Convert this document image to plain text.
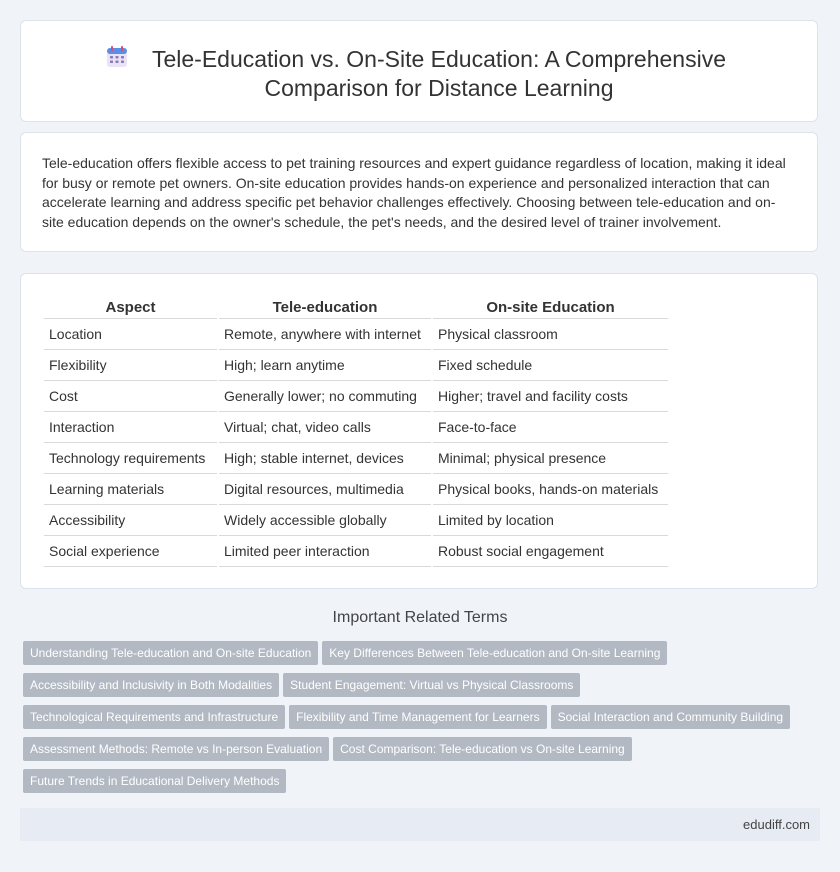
Tele-Education vs. On-Site Education: A Comprehensive Comparison for Distance Learning

Tele-education offers flexible access to pet training resources and expert guidance regardless of location, making it ideal for busy or remote pet owners. On-site education provides hands-on experience and personalized interaction that can accelerate learning and address specific pet behavior challenges effectively. Choosing between tele-education and on-site education depends on the owner's schedule, the pet's needs, and the desired level of trainer involvement.

Aspect	Tele-education	On-site Education
Location	Remote, anywhere with internet	Physical classroom
Flexibility	High; learn anytime	Fixed schedule
Cost	Generally lower; no commuting	Higher; travel and facility costs
Interaction	Virtual; chat, video calls	Face-to-face
Technology requirements	High; stable internet, devices	Minimal; physical presence
Learning materials	Digital resources, multimedia	Physical books, hands-on materials
Accessibility	Widely accessible globally	Limited by location
Social experience	Limited peer interaction	Robust social engagement
Important Related Terms
Understanding Tele-education and On-site Education Key Differences Between Tele-education and On-site LearningAccessibility and Inclusivity in Both Modalities Student Engagement: Virtual vs Physical ClassroomsTechnological Requirements and Infrastructure Flexibility and Time Management for Learners Social Interaction and Community BuildingAssessment Methods: Remote vs In-person Evaluation Cost Comparison: Tele-education vs On-site LearningFuture Trends in Educational Delivery Methods
edudiff.com
